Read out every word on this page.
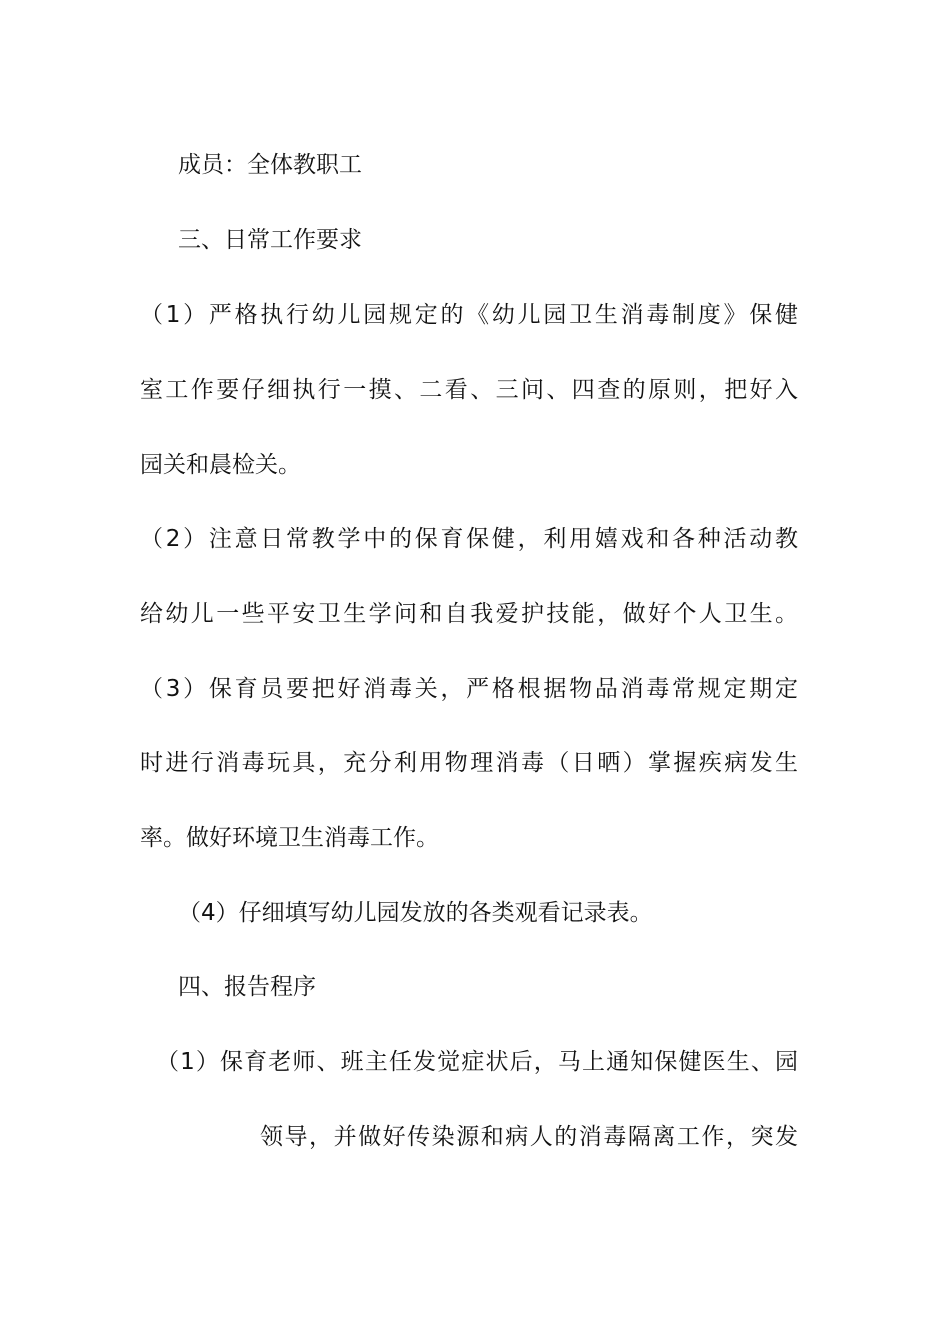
成员：全体教职工
三、日常工作要求
（1）严格执行幼儿园规定的《幼儿园卫生消毒制度》保健
室工作要仔细执行一摸、二看、三问、四查的原则，把好入
园关和晨检关。
（2）注意日常教学中的保育保健，利用嬉戏和各种活动教
给幼儿一些平安卫生学问和自我爱护技能，做好个人卫生。
（3）保育员要把好消毒关，严格根据物品消毒常规定期定
时进行消毒玩具，充分利用物理消毒（日晒）掌握疾病发生
率。做好环境卫生消毒工作。
（4）仔细填写幼儿园发放的各类观看记录表。
四、报告程序
（1）保育老师、班主任发觉症状后，马上通知保健医生、园
领导，并做好传染源和病人的消毒隔离工作，突发
